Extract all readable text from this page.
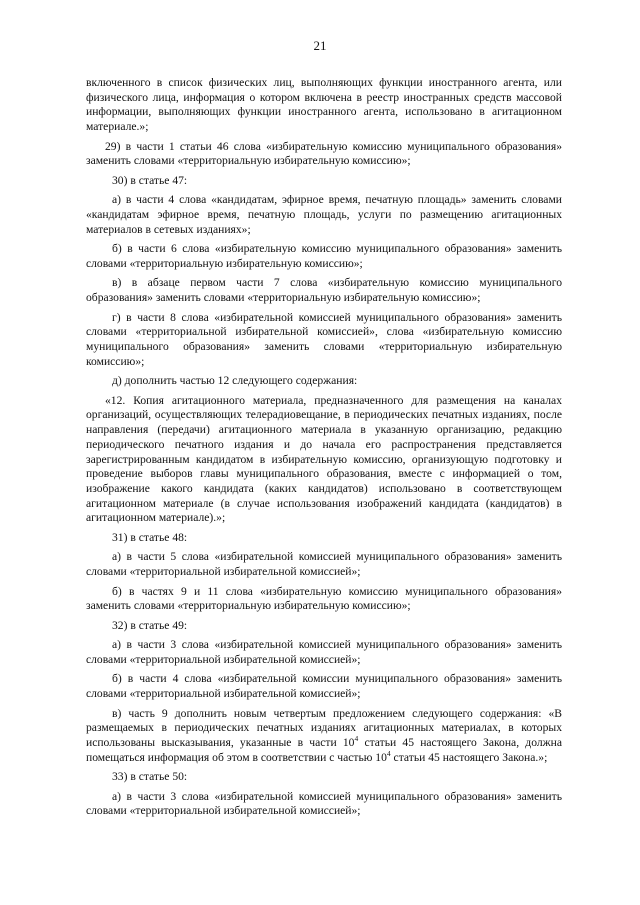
21

включенного в список физических лиц, выполняющих функции иностранного агента, или физического лица, информация о котором включена в реестр иностранных средств массовой информации, выполняющих функции иностранного агента, использовано в агитационном материале.»;

29) в части 1 статьи 46 слова «избирательную комиссию муниципального образования» заменить словами «территориальную избирательную комиссию»;

30) в статье 47:

а) в части 4 слова «кандидатам, эфирное время, печатную площадь» заменить словами «кандидатам эфирное время, печатную площадь, услуги по размещению агитационных материалов в сетевых изданиях»;

б) в части 6 слова «избирательную комиссию муниципального образования» заменить словами «территориальную избирательную комиссию»;

в) в абзаце первом части 7 слова «избирательную комиссию муниципального образования» заменить словами «территориальную избирательную комиссию»;

г) в части 8 слова «избирательной комиссией муниципального образования» заменить словами «территориальной избирательной комиссией», слова «избирательную комиссию муниципального образования» заменить словами «территориальную избирательную комиссию»;

д) дополнить частью 12 следующего содержания:

«12. Копия агитационного материала, предназначенного для размещения на каналах организаций, осуществляющих телерадиовещание, в периодических печатных изданиях, после направления (передачи) агитационного материала в указанную организацию, редакцию периодического печатного издания и до начала его распространения представляется зарегистрированным кандидатом в избирательную комиссию, организующую подготовку и проведение выборов главы муниципального образования, вместе с информацией о том, изображение какого кандидата (каких кандидатов) использовано в соответствующем агитационном материале (в случае использования изображений кандидата (кандидатов) в агитационном материале).»;

31) в статье 48:

а) в части 5 слова «избирательной комиссией муниципального образования» заменить словами «территориальной избирательной комиссией»;

б) в частях 9 и 11 слова «избирательную комиссию муниципального образования» заменить словами «территориальную избирательную комиссию»;

32) в статье 49:

а) в части 3 слова «избирательной комиссией муниципального образования» заменить словами «территориальной избирательной комиссией»;

б) в части 4 слова «избирательной комиссии муниципального образования» заменить словами «территориальной избирательной комиссией»;

в) часть 9 дополнить новым четвертым предложением следующего содержания: «В размещаемых в периодических печатных изданиях агитационных материалах, в которых использованы высказывания, указанные в части $10^4$ статьи 45 настоящего Закона, должна помещаться информация об этом в соответствии с частью $10^4$ статьи 45 настоящего Закона.»;

33) в статье 50:

а) в части 3 слова «избирательной комиссией муниципального образования» заменить словами «территориальной избирательной комиссией»;
